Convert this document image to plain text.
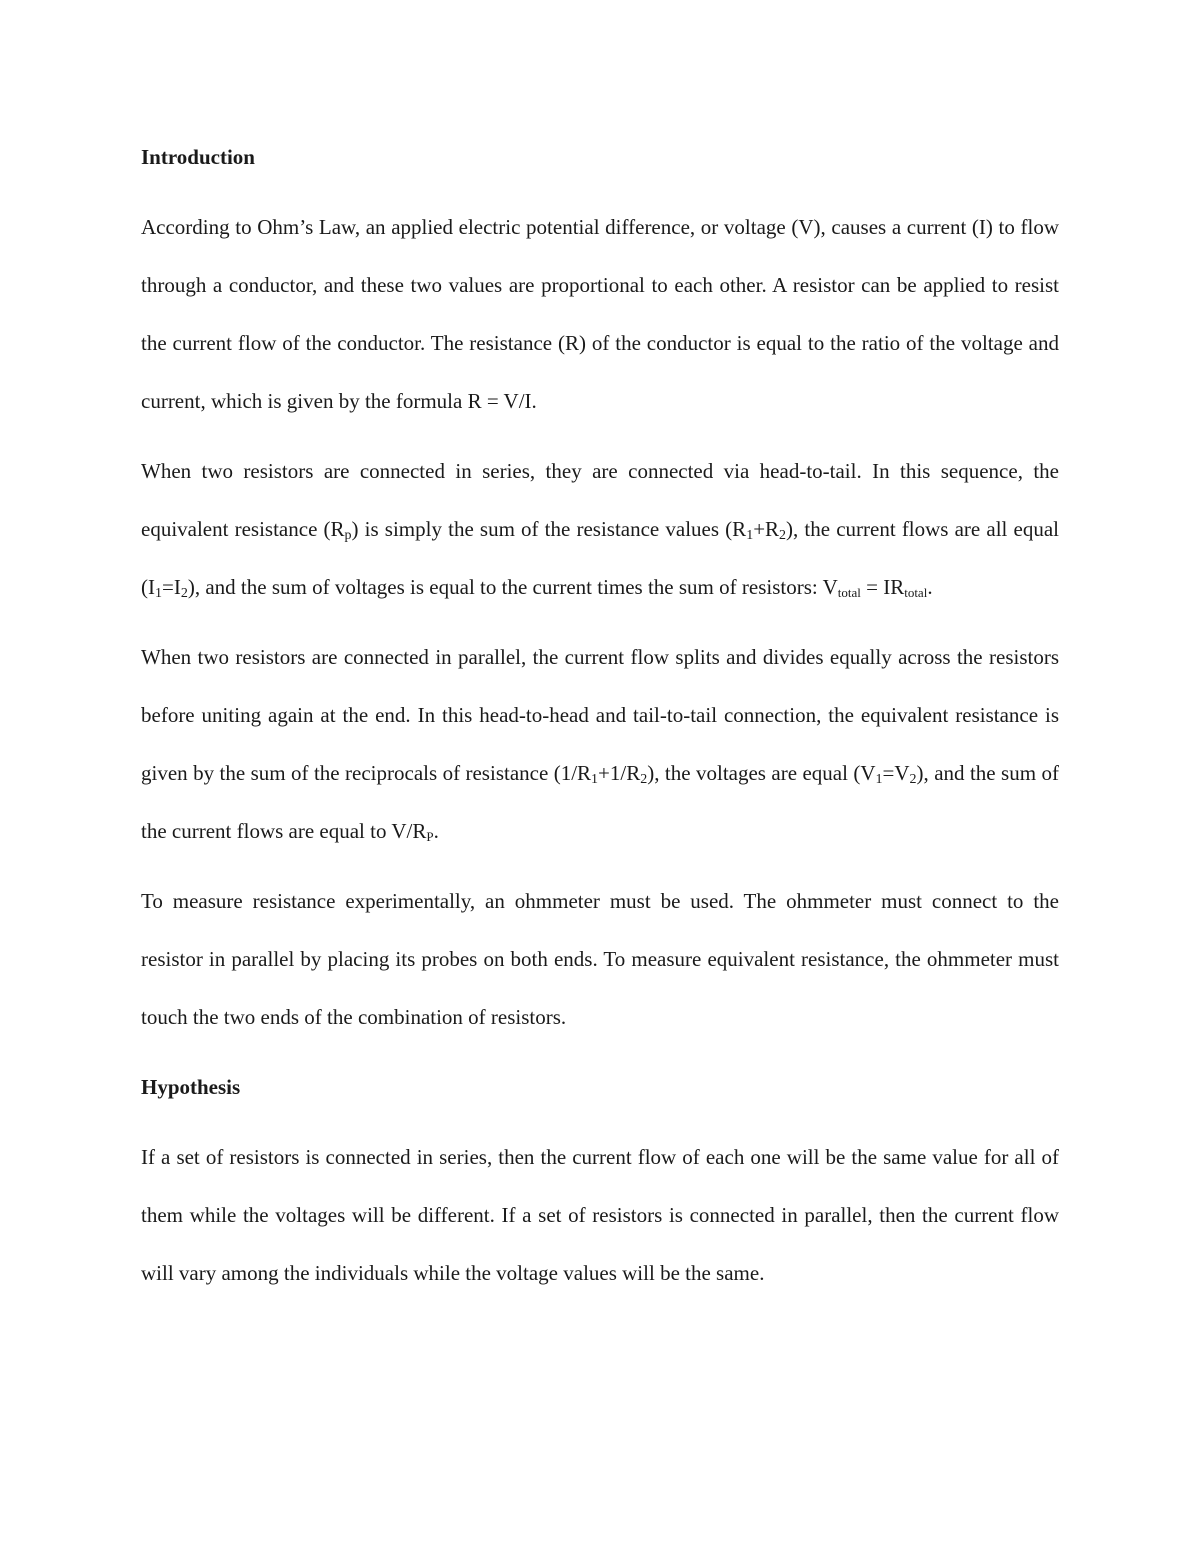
Introduction

According to Ohm’s Law, an applied electric potential difference, or voltage (V), causes a current (I) to flow through a conductor, and these two values are proportional to each other. A resistor can be applied to resist the current flow of the conductor. The resistance (R) of the conductor is equal to the ratio of the voltage and current, which is given by the formula R = V/I.

When two resistors are connected in series, they are connected via head-to-tail. In this sequence, the equivalent resistance $(R_p)$ is simply the sum of the resistance values $(R_1+R_2)$, the current flows are all equal $(I_1=I_2)$, and the sum of voltages is equal to the current times the sum of resistors: $V_{total} = IR_{total}$.

When two resistors are connected in parallel, the current flow splits and divides equally across the resistors before uniting again at the end. In this head-to-head and tail-to-tail connection, the equivalent resistance is given by the sum of the reciprocals of resistance $(1/R_1+1/R_2)$, the voltages are equal $(V_1=V_2)$, and the sum of the current flows are equal to $V/R_P$.

To measure resistance experimentally, an ohmmeter must be used. The ohmmeter must connect to the resistor in parallel by placing its probes on both ends. To measure equivalent resistance, the ohmmeter must touch the two ends of the combination of resistors.

Hypothesis

If a set of resistors is connected in series, then the current flow of each one will be the same value for all of them while the voltages will be different. If a set of resistors is connected in parallel, then the current flow will vary among the individuals while the voltage values will be the same.
